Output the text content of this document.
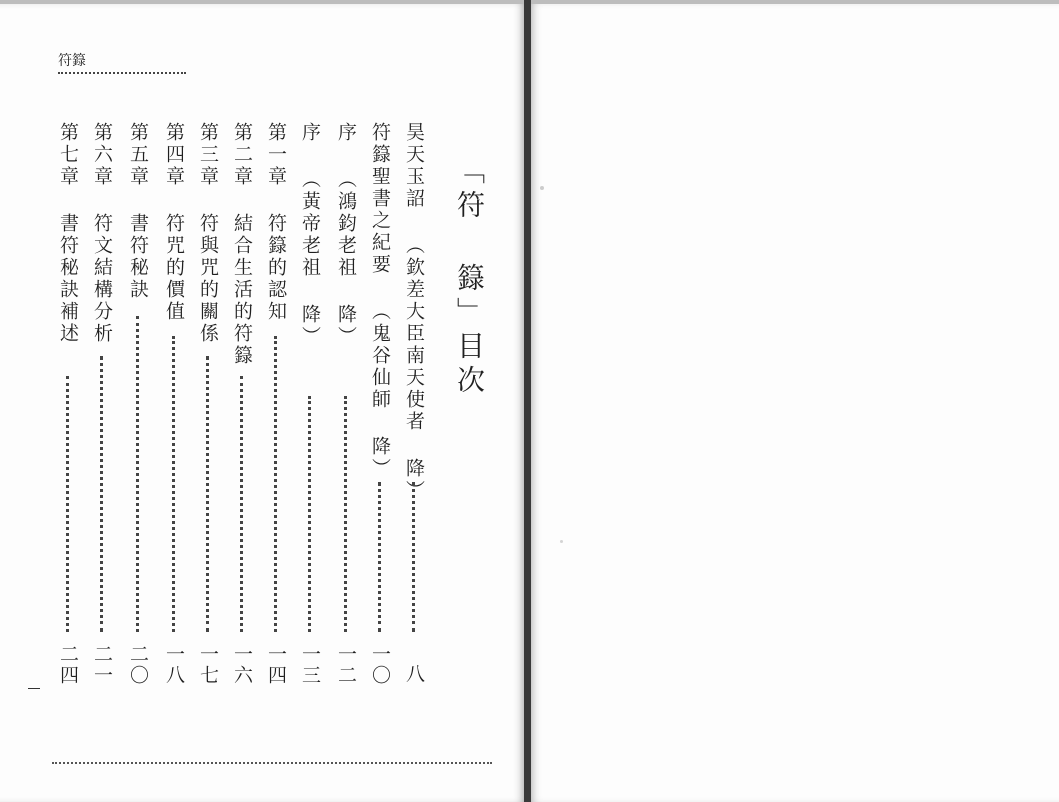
符籙
「符 籙」目次
昊天玉詔 （欽差大臣南天使者 降）
符籙聖書之紀要 （鬼谷仙師 降）
序 （鴻鈞老祖 降）
序 （黃帝老祖 降）
第一章 符籙的認知
第二章 結合生活的符籙
第三章 符與咒的關係
第四章 符咒的價值
第五章 書符秘訣
第六章 符文結構分析
第七章 書符秘訣補述
八
一〇
一二
一三
一四
一六
一七
一八
二〇
二一
二四
